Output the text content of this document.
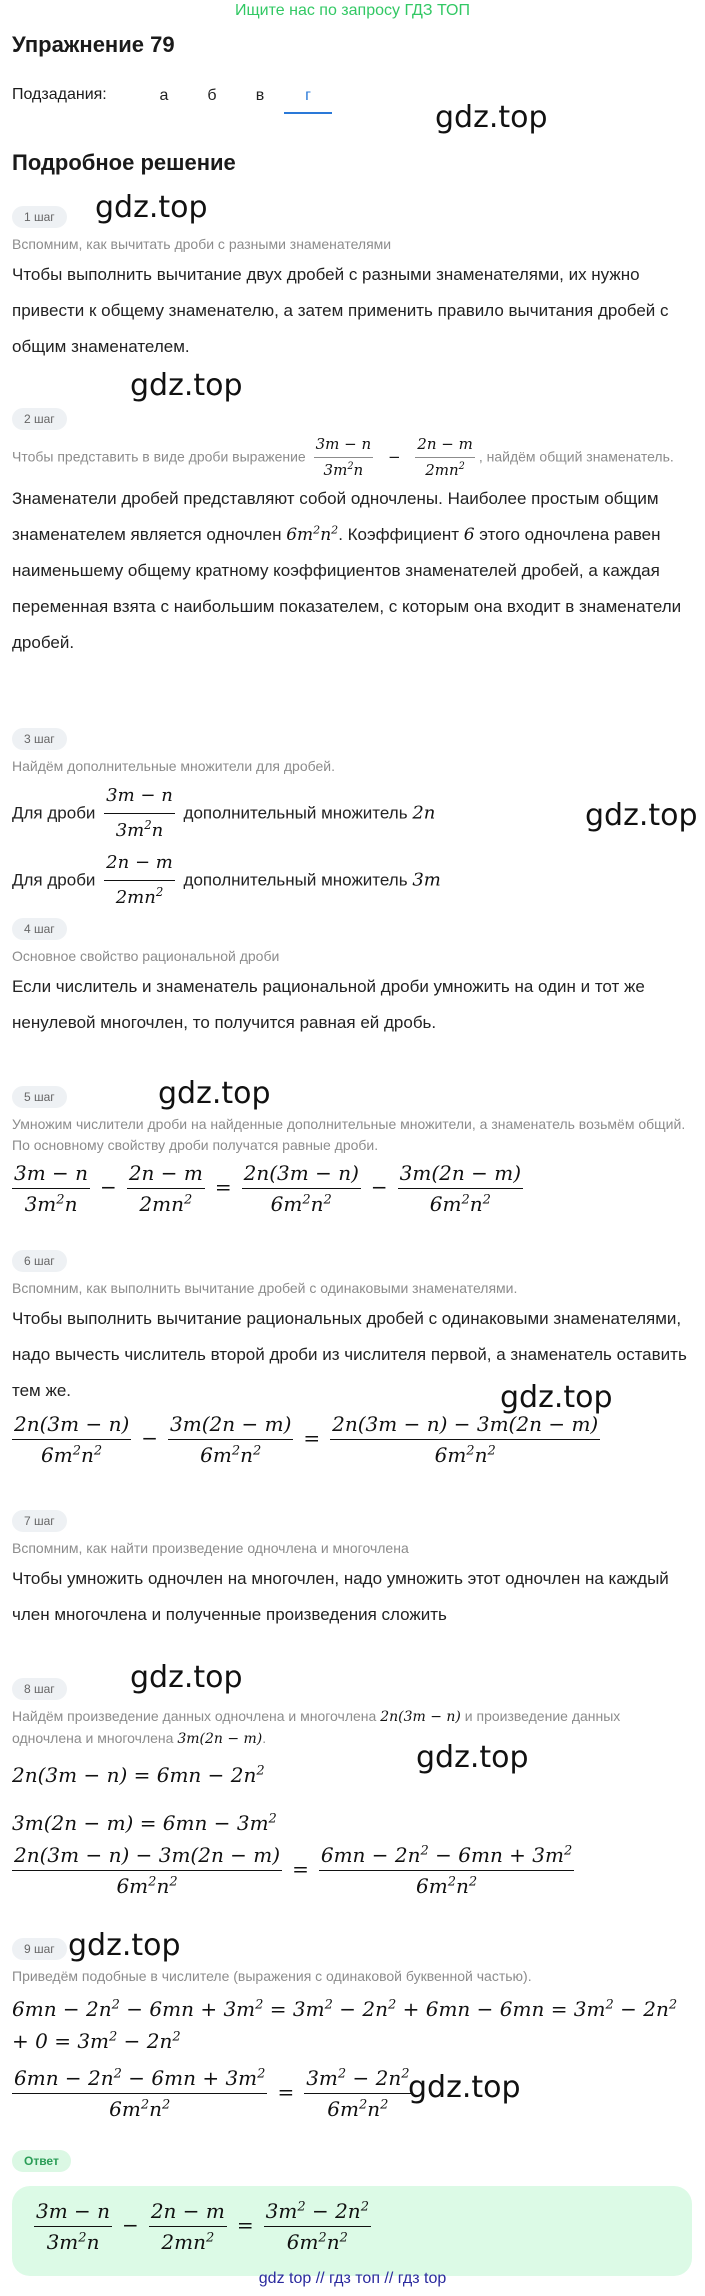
Ищите нас по запросу ГДЗ ТОП
Упражнение 79
Подзадания:	а	б	в	г
gdz.top
gdz.top
gdz.top
gdz.top
gdz.top
gdz.top
gdz.top
gdz.top
gdz.top
gdz.top
Подробное решение
1 шаг
Вспомним, как вычитать дроби с разными знаменателями
Чтобы выполнить вычитание двух дробей с разными знаменателями, их нужно привести к общему знаменателю, а затем применить правило вычитания дробей с общим знаменателем.
2 шаг
Чтобы представить в виде дроби выражение $\frac{3m - n}{3m^2n} - \frac{2n - m}{2mn^2}$ , найдём общий знаменатель.
Знаменатели дробей представляют собой одночлены. Наиболее простым общим знаменателем является одночлен $6m^2n^2$. Коэффициент 6 этого одночлена равен наименьшему общему кратному коэффициентов знаменателей дробей, а каждая переменная взята с наибольшим показателем, с которым она входит в знаменатели дробей.
3 шаг
Найдём дополнительные множители для дробей.
Для дроби $\frac{3m - n}{3m^2n}$ дополнительный множитель 2n
Для дроби $\frac{2n - m}{2mn^2}$ дополнительный множитель 3m
4 шаг
Основное свойство рациональной дроби
Если числитель и знаменатель рациональной дроби умножить на один и тот же ненулевой многочлен, то получится равная ей дробь.
5 шаг
Умножим числители дроби на найденные дополнительные множители, а знаменатель возьмём общий. По основному свойству дроби получатся равные дроби.
$\frac{3m - n}{3m^2n} - \frac{2n - m}{2mn^2} = \frac{2n(3m - n)}{6m^2n^2} - \frac{3m(2n - m)}{6m^2n^2}$
6 шаг
Вспомним, как выполнить вычитание дробей с одинаковыми знаменателями.
Чтобы выполнить вычитание рациональных дробей с одинаковыми знаменателями, надо вычесть числитель второй дроби из числителя первой, а знаменатель оставить тем же.
$\frac{2n(3m - n)}{6m^2n^2} - \frac{3m(2n - m)}{6m^2n^2} = \frac{2n(3m - n) - 3m(2n - m)}{6m^2n^2}$
7 шаг
Вспомним, как найти произведение одночлена и многочлена
Чтобы умножить одночлен на многочлен, надо умножить этот одночлен на каждый член многочлена и полученные произведения сложить
8 шаг
Найдём произведение данных одночлена и многочлена 2n(3m − n) и произведение данных одночлена и многочлена 3m(2n − m).
$2n(3m - n) = 6mn - 2n^2$
$3m(2n - m) = 6mn - 3m^2$
$\frac{2n(3m - n) - 3m(2n - m)}{6m^2n^2} = \frac{6mn - 2n^2 - 6mn + 3m^2}{6m^2n^2}$
9 шаг
Приведём подобные в числителе (выражения с одинаковой буквенной частью).
$6mn - 2n^2 - 6mn + 3m^2 = 3m^2 - 2n^2 + 6mn - 6mn = 3m^2 - 2n^2 + 0 = 3m^2 - 2n^2$
$\frac{6mn - 2n^2 - 6mn + 3m^2}{6m^2n^2} = \frac{3m^2 - 2n^2}{6m^2n^2}$
Ответ
$\frac{3m - n}{3m^2n} - \frac{2n - m}{2mn^2} = \frac{3m^2 - 2n^2}{6m^2n^2}$
gdz top // гдз топ // гдз top
